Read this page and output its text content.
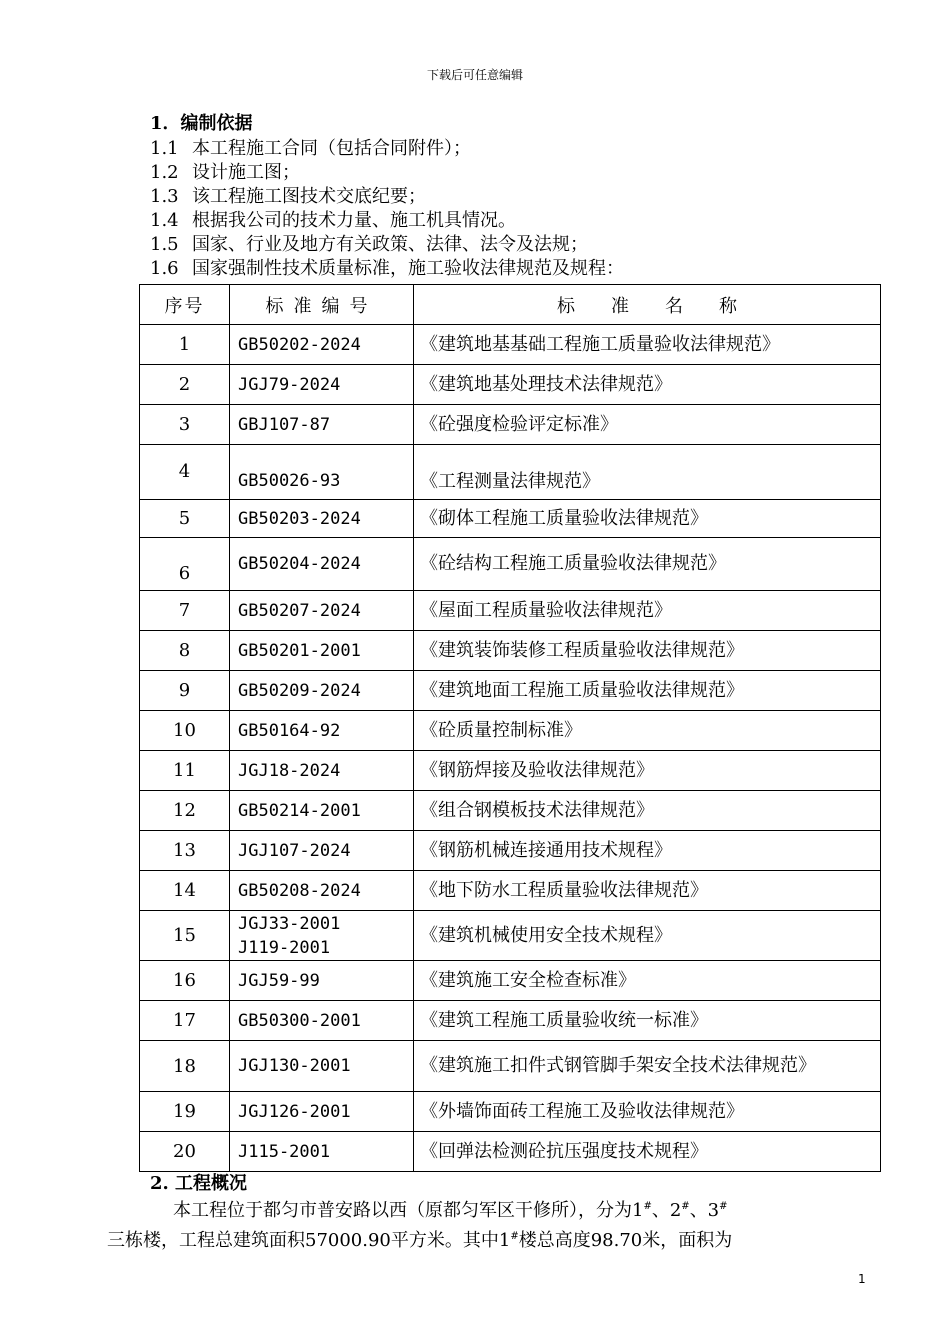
下载后可任意编辑
1．编制依据
1.1 本工程施工合同（包括合同附件）；
1.2 设计施工图；
1.3 该工程施工图技术交底纪要；
1.4 根据我公司的技术力量、施工机具情况。
1.5 国家、行业及地方有关政策、法律、法令及法规；
1.6 国家强制性技术质量标准，施工验收法律规范及规程：
序号	标准编号	标准名称
1	GB50202-2024	《建筑地基基础工程施工质量验收法律规范》
2	JGJ79-2024	《建筑地基处理技术法律规范》
3	GBJ107-87	《砼强度检验评定标准》
4	GB50026-93	《工程测量法律规范》
5	GB50203-2024	《砌体工程施工质量验收法律规范》
6	GB50204-2024	《砼结构工程施工质量验收法律规范》
7	GB50207-2024	《屋面工程质量验收法律规范》
8	GB50201-2001	《建筑装饰装修工程质量验收法律规范》
9	GB50209-2024	《建筑地面工程施工质量验收法律规范》
10	GB50164-92	《砼质量控制标准》
11	JGJ18-2024	《钢筋焊接及验收法律规范》
12	GB50214-2001	《组合钢模板技术法律规范》
13	JGJ107-2024	《钢筋机械连接通用技术规程》
14	GB50208-2024	《地下防水工程质量验收法律规范》
15	JGJ33-2001
J119-2001	《建筑机械使用安全技术规程》
16	JGJ59-99	《建筑施工安全检查标准》
17	GB50300-2001	《建筑工程施工质量验收统一标准》
18	JGJ130-2001	《建筑施工扣件式钢管脚手架安全技术法律规范》
19	JGJ126-2001	《外墙饰面砖工程施工及验收法律规范》
20	J115-2001	《回弹法检测砼抗压强度技术规程》
2. 工程概况

本工程位于都匀市普安路以西（原都匀军区干修所），分为1#、2#、3#
三栋楼，工程总建筑面积57000.90平方米。其中1#楼总高度98.70米，面积为

1
